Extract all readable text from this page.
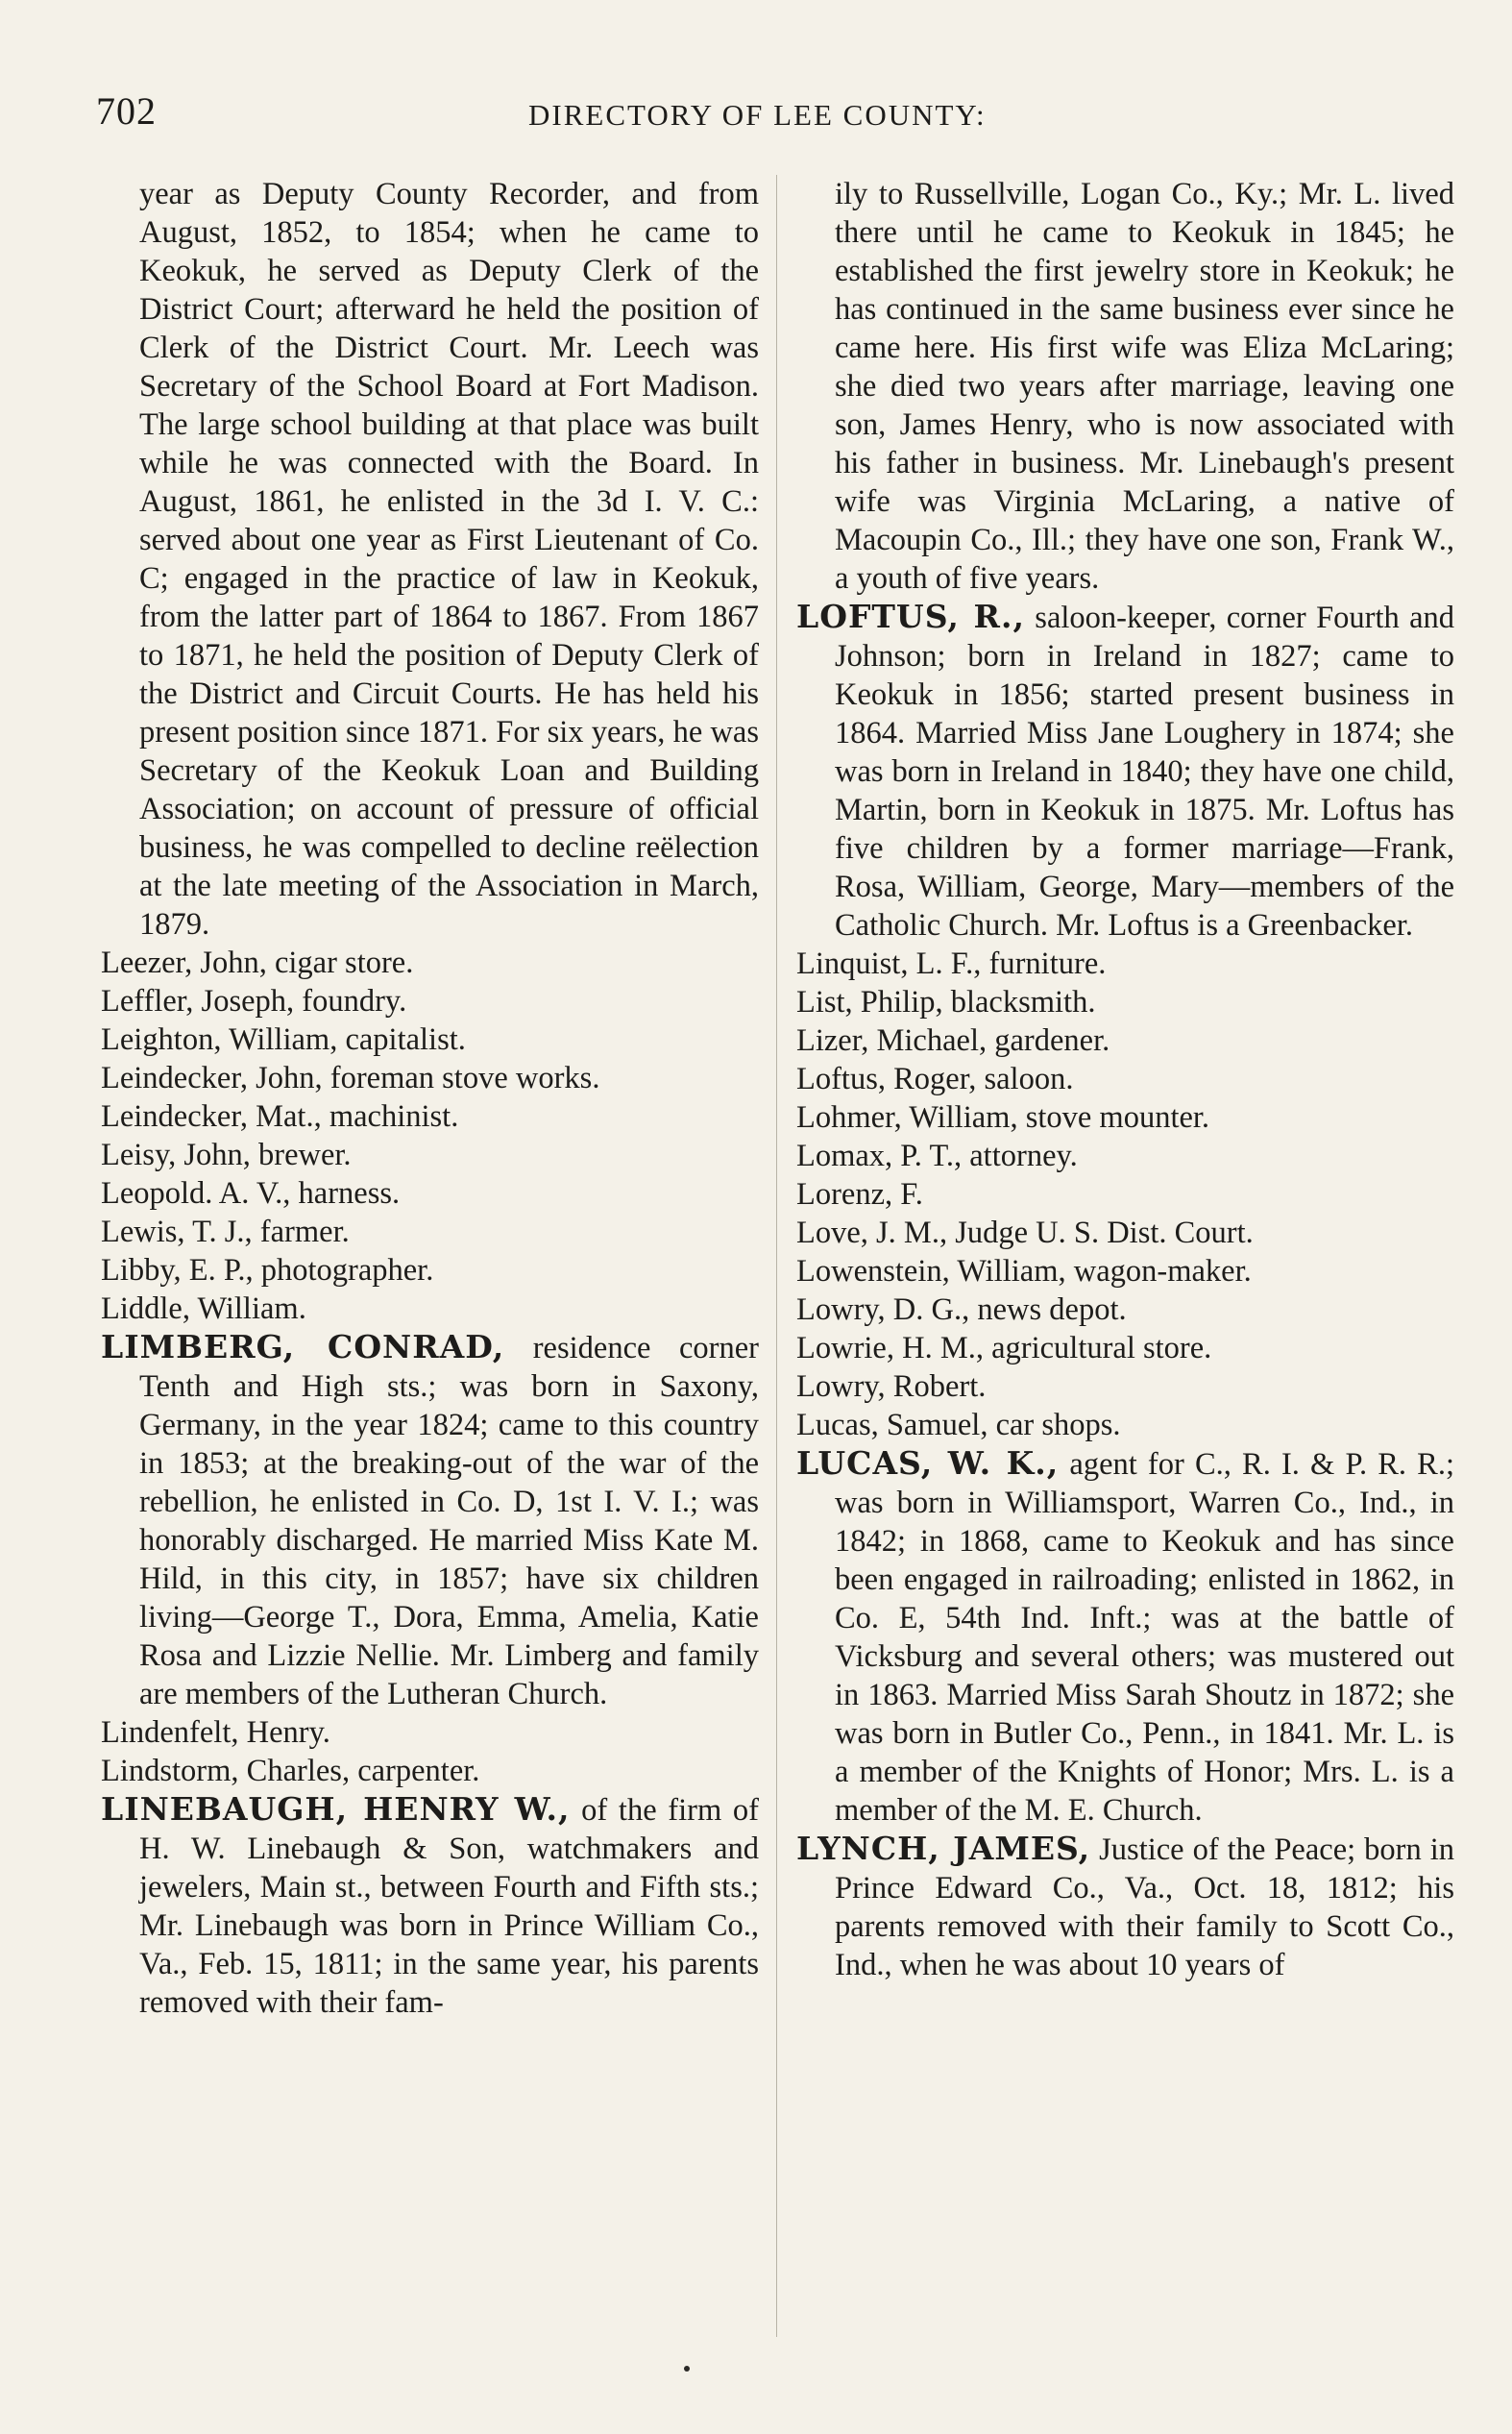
702	DIRECTORY OF LEE COUNTY:

year as Deputy County Recorder, and from August, 1852, to 1854; when he came to Keokuk, he served as Deputy Clerk of the District Court; afterward he held the position of Clerk of the District Court. Mr. Leech was Secretary of the School Board at Fort Madison. The large school building at that place was built while he was connected with the Board. In August, 1861, he enlisted in the 3d I. V. C.: served about one year as First Lieutenant of Co. C; engaged in the practice of law in Keokuk, from the latter part of 1864 to 1867. From 1867 to 1871, he held the position of Deputy Clerk of the District and Circuit Courts. He has held his present position since 1871. For six years, he was Secretary of the Keokuk Loan and Building Association; on account of pressure of official business, he was compelled to decline reëlection at the late meeting of the Association in March, 1879.

Leezer, John, cigar store.

Leffler, Joseph, foundry.

Leighton, William, capitalist.

Leindecker, John, foreman stove works.

Leindecker, Mat., machinist.

Leisy, John, brewer.

Leopold. A. V., harness.

Lewis, T. J., farmer.

Libby, E. P., photographer.

Liddle, William.

LIMBERG, CONRAD, residence corner Tenth and High sts.; was born in Saxony, Germany, in the year 1824; came to this country in 1853; at the breaking-out of the war of the rebellion, he enlisted in Co. D, 1st I. V. I.; was honorably discharged. He married Miss Kate M. Hild, in this city, in 1857; have six children living—George T., Dora, Emma, Amelia, Katie Rosa and Lizzie Nellie. Mr. Limberg and family are members of the Lutheran Church.

Lindenfelt, Henry.

Lindstorm, Charles, carpenter.

LINEBAUGH, HENRY W., of the firm of H. W. Linebaugh & Son, watchmakers and jewelers, Main st., between Fourth and Fifth sts.; Mr. Linebaugh was born in Prince William Co., Va., Feb. 15, 1811; in the same year, his parents removed with their fam-

ily to Russellville, Logan Co., Ky.; Mr. L. lived there until he came to Keokuk in 1845; he established the first jewelry store in Keokuk; he has continued in the same business ever since he came here. His first wife was Eliza McLaring; she died two years after marriage, leaving one son, James Henry, who is now associated with his father in business. Mr. Linebaugh's present wife was Virginia McLaring, a native of Macoupin Co., Ill.; they have one son, Frank W., a youth of five years.

LOFTUS, R., saloon-keeper, corner Fourth and Johnson; born in Ireland in 1827; came to Keokuk in 1856; started present business in 1864. Married Miss Jane Loughery in 1874; she was born in Ireland in 1840; they have one child, Martin, born in Keokuk in 1875. Mr. Loftus has five children by a former marriage—Frank, Rosa, William, George, Mary—members of the Catholic Church. Mr. Loftus is a Greenbacker.

Linquist, L. F., furniture.

List, Philip, blacksmith.

Lizer, Michael, gardener.

Loftus, Roger, saloon.

Lohmer, William, stove mounter.

Lomax, P. T., attorney.

Lorenz, F.

Love, J. M., Judge U. S. Dist. Court.

Lowenstein, William, wagon-maker.

Lowry, D. G., news depot.

Lowrie, H. M., agricultural store.

Lowry, Robert.

Lucas, Samuel, car shops.

LUCAS, W. K., agent for C., R. I. & P. R. R.; was born in Williamsport, Warren Co., Ind., in 1842; in 1868, came to Keokuk and has since been engaged in railroading; enlisted in 1862, in Co. E, 54th Ind. Inft.; was at the battle of Vicksburg and several others; was mustered out in 1863. Married Miss Sarah Shoutz in 1872; she was born in Butler Co., Penn., in 1841. Mr. L. is a member of the Knights of Honor; Mrs. L. is a member of the M. E. Church.

LYNCH, JAMES, Justice of the Peace; born in Prince Edward Co., Va., Oct. 18, 1812; his parents removed with their family to Scott Co., Ind., when he was about 10 years of
